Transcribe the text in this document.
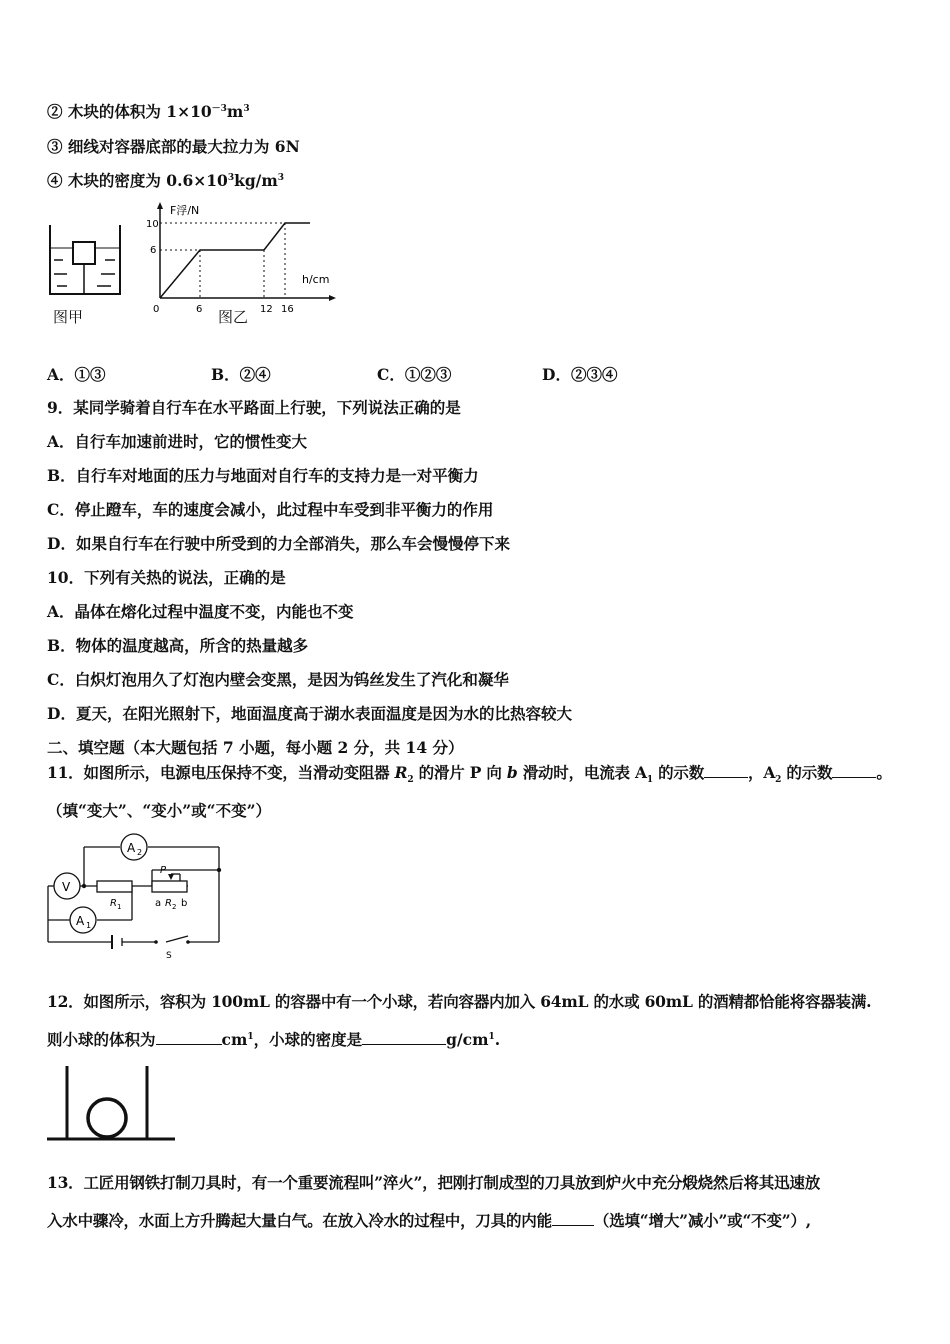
② 木块的体积为 $1\times 10^{-3}m^3$
③ 细线对容器底部的最大拉力为 6N
④ 木块的密度为 $0.6\times 10^3kg/m^3$
图甲
F浮/N
h/cm
0
10
6
6	12 16
图乙
A．①③	B．②④	C．①②③	D．②③④
9．某同学骑着自行车在水平路面上行驶，下列说法正确的是
A．自行车加速前进时，它的惯性变大
B．自行车对地面的压力与地面对自行车的支持力是一对平衡力
C．停止蹬车，车的速度会减小，此过程中车受到非平衡力的作用
D．如果自行车在行驶中所受到的力全部消失，那么车会慢慢停下来
10．下列有关热的说法，正确的是
A．晶体在熔化过程中温度不变，内能也不变
B．物体的温度越高，所含的热量越多
C．白炽灯泡用久了灯泡内壁会变黑，是因为钨丝发生了汽化和凝华
D．夏天，在阳光照射下，地面温度高于湖水表面温度是因为水的比热容较大
二、填空题（本大题包括 7 小题，每小题 2 分，共 14 分）
11．如图所示，电源电压保持不变，当滑动变阻器 $R_2$ 的滑片 P 向 b 滑动时，电流表 $A_1$ 的示数	，$A_2$ 的示数	。
（填“变大”、“变小”或“不变”）
A 2
V
A 1
R 1
P
a R 2 b
S
12．如图所示，容积为 100mL 的容器中有一个小球，若向容器内加入 64mL 的水或 60mL 的酒精都恰能将容器装满.
则小球的体积为	$cm^1$，小球的密度是	$g/cm^1$.
13．工匠用钢铁打制刀具时，有一个重要流程叫”淬火”，把刚打制成型的刀具放到炉火中充分煅烧然后将其迅速放
入水中骤冷，水面上方升腾起大量白气。在放入冷水的过程中，刀具的内能	（选填“增大”减小”或“不变”）,
